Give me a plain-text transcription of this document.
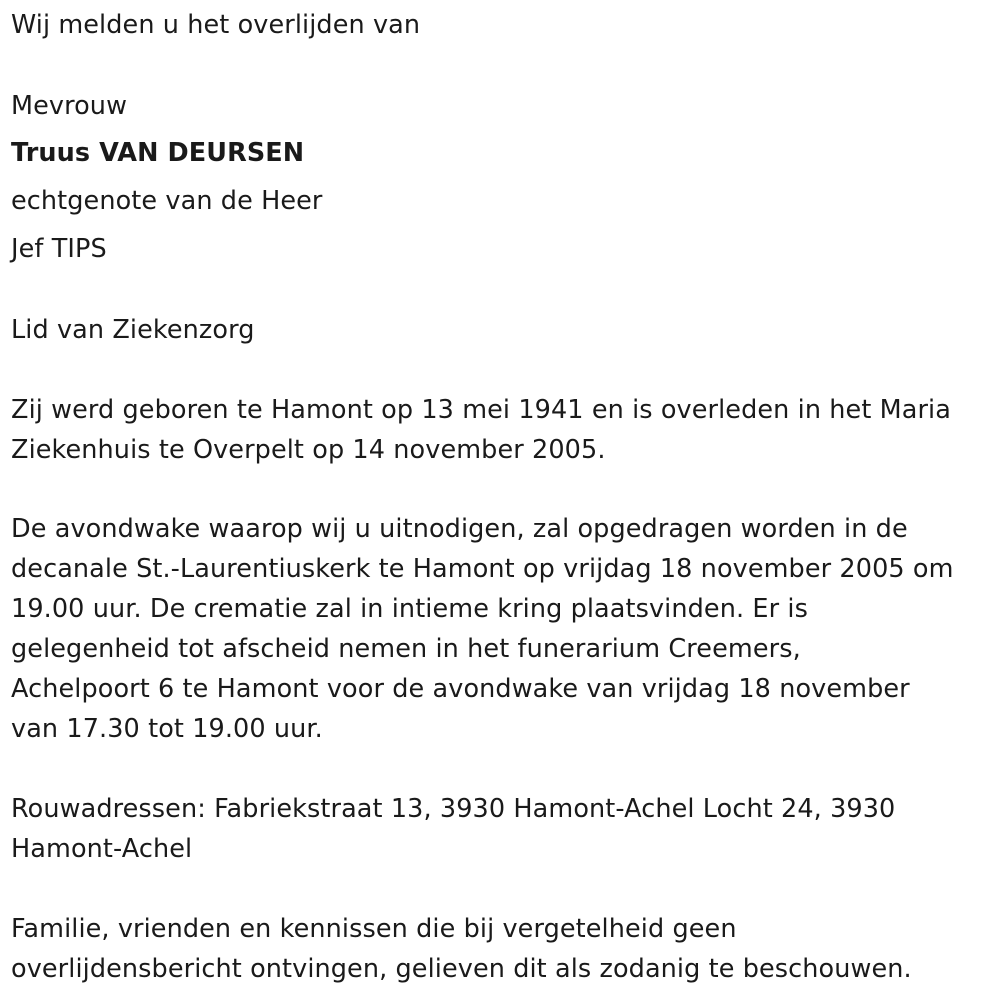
Wij melden u het overlijden van
Mevrouw
Truus VAN DEURSEN
echtgenote van de Heer
Jef TIPS
Lid van Ziekenzorg
Zij werd geboren te Hamont op 13 mei 1941 en is overleden in het Maria
Ziekenhuis te Overpelt op 14 november 2005.
De avondwake waarop wij u uitnodigen, zal opgedragen worden in de
decanale St.-Laurentiuskerk te Hamont op vrijdag 18 november 2005 om
19.00 uur. De crematie zal in intieme kring plaatsvinden. Er is
gelegenheid tot afscheid nemen in het funerarium Creemers,
Achelpoort 6 te Hamont voor de avondwake van vrijdag 18 november
van 17.30 tot 19.00 uur.
Rouwadressen: Fabriekstraat 13, 3930 Hamont-Achel Locht 24, 3930
Hamont-Achel
Familie, vrienden en kennissen die bij vergetelheid geen
overlijdensbericht ontvingen, gelieven dit als zodanig te beschouwen.
